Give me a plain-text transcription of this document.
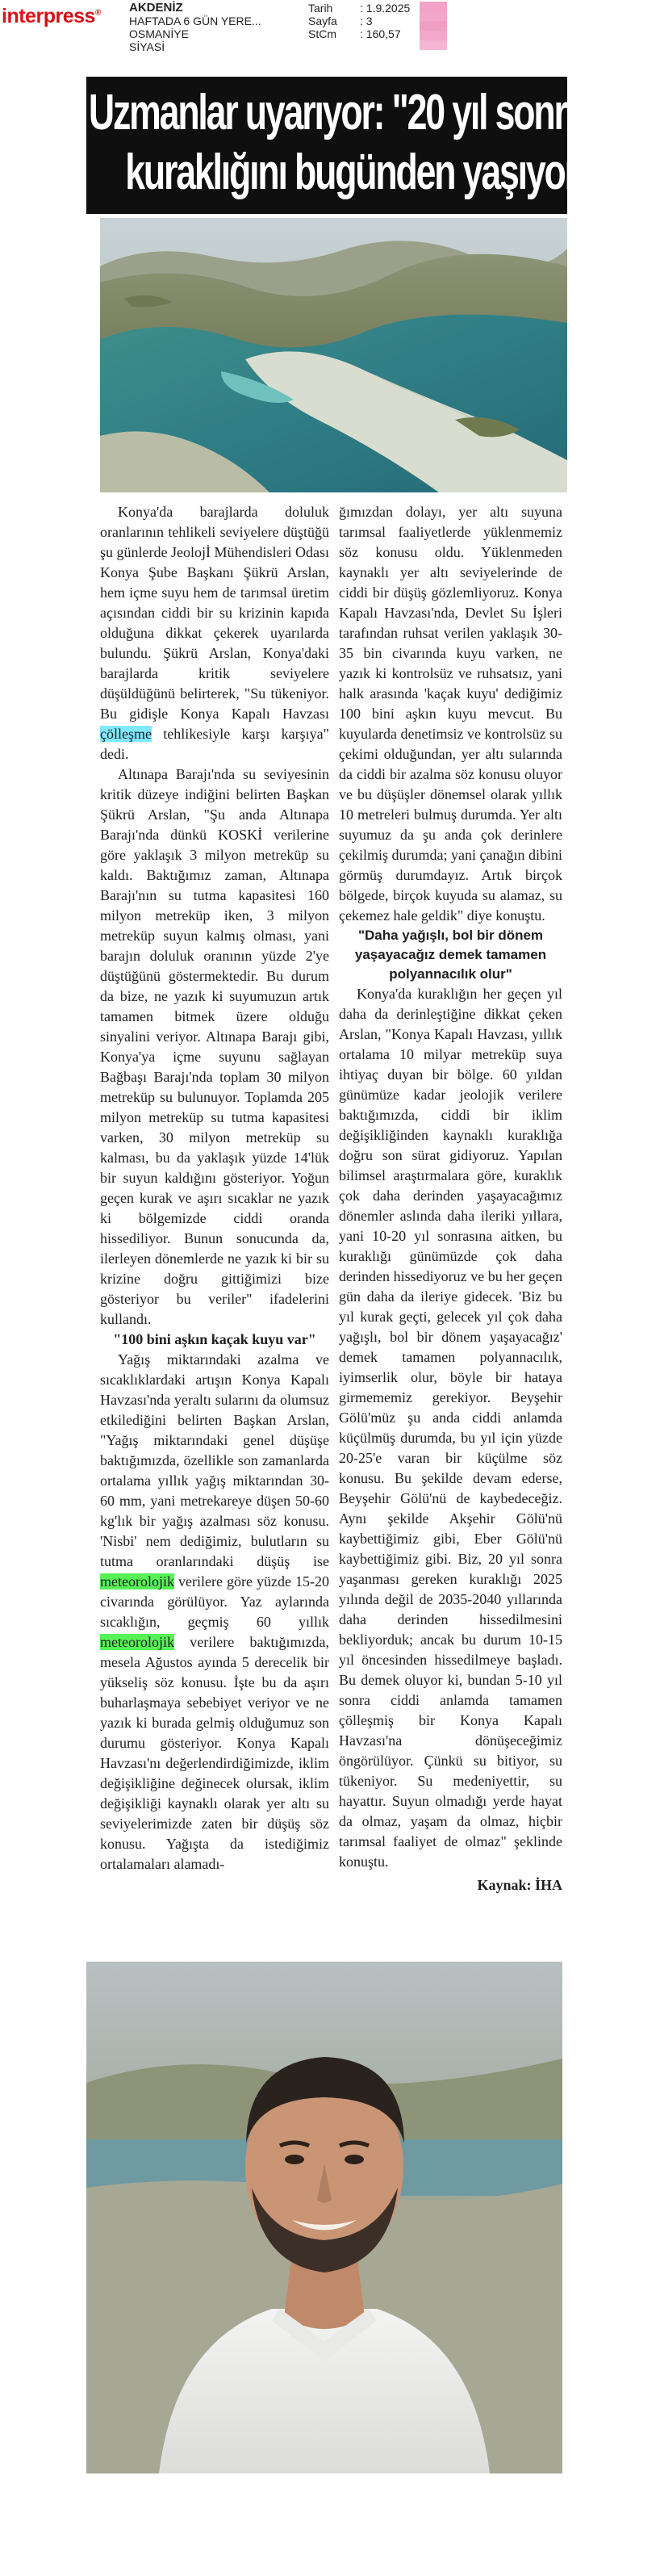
interpress® AKDENİZ
HAFTADA 6 GÜN YERE...
OSMANİYE
SİYASİ
Tarih	: 1.9.2025
Sayfa	: 3
StCm	: 160,57
Uzmanlar uyarıyor: "20 yıl sonrasının
kuraklığını bugünden yaşıyoruz"

Konya'da barajlarda doluluk oranlarının tehlikeli seviyelere düştüğü şu günlerde Jeolojİ Mühendisleri Odası Konya Şube Başkanı Şükrü Arslan, hem içme suyu hem de tarımsal üretim açısından ciddi bir su krizinin kapıda olduğuna dikkat çekerek uyarılarda bulundu. Şükrü Arslan, Konya'daki barajlarda kritik seviyelere düşüldüğünü belirterek, "Su tükeniyor. Bu gidişle Konya Kapalı Havzası çölleşme tehlikesiyle karşı karşıya" dedi.

Altınapa Barajı'nda su seviyesinin kritik düzeye indiğini belirten Başkan Şükrü Arslan, "Şu anda Altınapa Barajı'nda dünkü KOSKİ verilerine göre yaklaşık 3 milyon metreküp su kaldı. Baktığımız zaman, Altınapa Barajı'nın su tutma kapasitesi 160 milyon metreküp iken, 3 milyon metreküp suyun kalmış olması, yani barajın doluluk oranının yüzde 2'ye düştüğünü göstermektedir. Bu durum da bize, ne yazık ki suyumuzun artık tamamen bitmek üzere olduğu sinyalini veriyor. Altınapa Barajı gibi, Konya'ya içme suyunu sağlayan Bağbaşı Barajı'nda toplam 30 milyon metreküp su bulunuyor. Toplamda 205 milyon metreküp su tutma kapasitesi varken, 30 milyon metreküp su kalması, bu da yaklaşık yüzde 14'lük bir suyun kaldığını gösteriyor. Yoğun geçen kurak ve aşırı sıcaklar ne yazık ki bölgemizde ciddi oranda hissediliyor. Bunun sonucunda da, ilerleyen dönemlerde ne yazık ki bir su krizine doğru gittiğimizi bize gösteriyor bu veriler" ifadelerini kullandı.

"100 bini aşkın kaçak kuyu var"

Yağış miktarındaki azalma ve sıcaklıklardaki artışın Konya Kapalı Havzası'nda yeraltı sularını da olumsuz etkilediğini belirten Başkan Arslan, "Yağış miktarındaki genel düşüşe baktığımızda, özellikle son zamanlarda ortalama yıllık yağış miktarından 30-60 mm, yani metrekareye düşen 50-60 kg'lık bir yağış azalması söz konusu. 'Nisbi' nem dediğimiz, bulutların su tutma oranlarındaki düşüş ise meteorolojik verilere göre yüzde 15-20 civarında görülüyor. Yaz aylarında sıcaklığın, geçmiş 60 yıllık meteorolojik verilere baktığımızda, mesela Ağustos ayında 5 derecelik bir yükseliş söz konusu. İşte bu da aşırı buharlaşmaya sebebiyet veriyor ve ne yazık ki burada gelmiş olduğumuz son durumu gösteriyor. Konya Kapalı Havzası'nı değerlendirdiğimizde, iklim değişikliğine değinecek olursak, iklim değişikliği kaynaklı olarak yer altı su seviyelerimizde zaten bir düşüş söz konusu. Yağışta da istediğimiz ortalamaları alamadı-

ğımızdan dolayı, yer altı suyuna tarımsal faaliyetlerde yüklenmemiz söz konusu oldu. Yüklenmeden kaynaklı yer altı seviyelerinde de ciddi bir düşüş gözlemliyoruz. Konya Kapalı Havzası'nda, Devlet Su İşleri tarafından ruhsat verilen yaklaşık 30-35 bin civarında kuyu varken, ne yazık ki kontrolsüz ve ruhsatsız, yani halk arasında 'kaçak kuyu' dediğimiz 100 bini aşkın kuyu mevcut. Bu kuyularda denetimsiz ve kontrolsüz su çekimi olduğundan, yer altı sularında da ciddi bir azalma söz konusu oluyor ve bu düşüşler dönemsel olarak yıllık 10 metreleri bulmuş durumda. Yer altı suyumuz da şu anda çok derinlere çekilmiş durumda; yani çanağın dibini görmüş durumdayız. Artık birçok bölgede, birçok kuyuda su alamaz, su çekemez hale geldik" diye konuştu.

"Daha yağışlı, bol bir dönem yaşayacağız demek tamamen polyannacılık olur"

Konya'da kuraklığın her geçen yıl daha da derinleştiğine dikkat çeken Arslan, "Konya Kapalı Havzası, yıllık ortalama 10 milyar metreküp suya ihtiyaç duyan bir bölge. 60 yıldan günümüze kadar jeolojik verilere baktığımızda, ciddi bir iklim değişikliğinden kaynaklı kuraklığa doğru son sürat gidiyoruz. Yapılan bilimsel araştırmalara göre, kuraklık çok daha derinden yaşayacağımız dönemler aslında daha ileriki yıllara, yani 10-20 yıl sonrasına aitken, bu kuraklığı günümüzde çok daha derinden hissediyoruz ve bu her geçen gün daha da ileriye gidecek. 'Biz bu yıl kurak geçti, gelecek yıl çok daha yağışlı, bol bir dönem yaşayacağız' demek tamamen polyannacılık, iyimserlik olur, böyle bir hataya girmememiz gerekiyor. Beyşehir Gölü'müz şu anda ciddi anlamda küçülmüş durumda, bu yıl için yüzde 20-25'e varan bir küçülme söz konusu. Bu şekilde devam ederse, Beyşehir Gölü'nü de kaybedeceğiz. Aynı şekilde Akşehir Gölü'nü kaybettiğimiz gibi, Eber Gölü'nü kaybettiğimiz gibi. Biz, 20 yıl sonra yaşanması gereken kuraklığı 2025 yılında değil de 2035-2040 yıllarında daha derinden hissedilmesini bekliyorduk; ancak bu durum 10-15 yıl öncesinden hissedilmeye başladı. Bu demek oluyor ki, bundan 5-10 yıl sonra ciddi anlamda tamamen çölleşmiş bir Konya Kapalı Havzası'na dönüşeceğimiz öngörülüyor. Çünkü su bitiyor, su tükeniyor. Su medeniyettir, su hayattır. Suyun olmadığı yerde hayat da olmaz, yaşam da olmaz, hiçbir tarımsal faaliyet de olmaz" şeklinde konuştu.

Kaynak: İHA
